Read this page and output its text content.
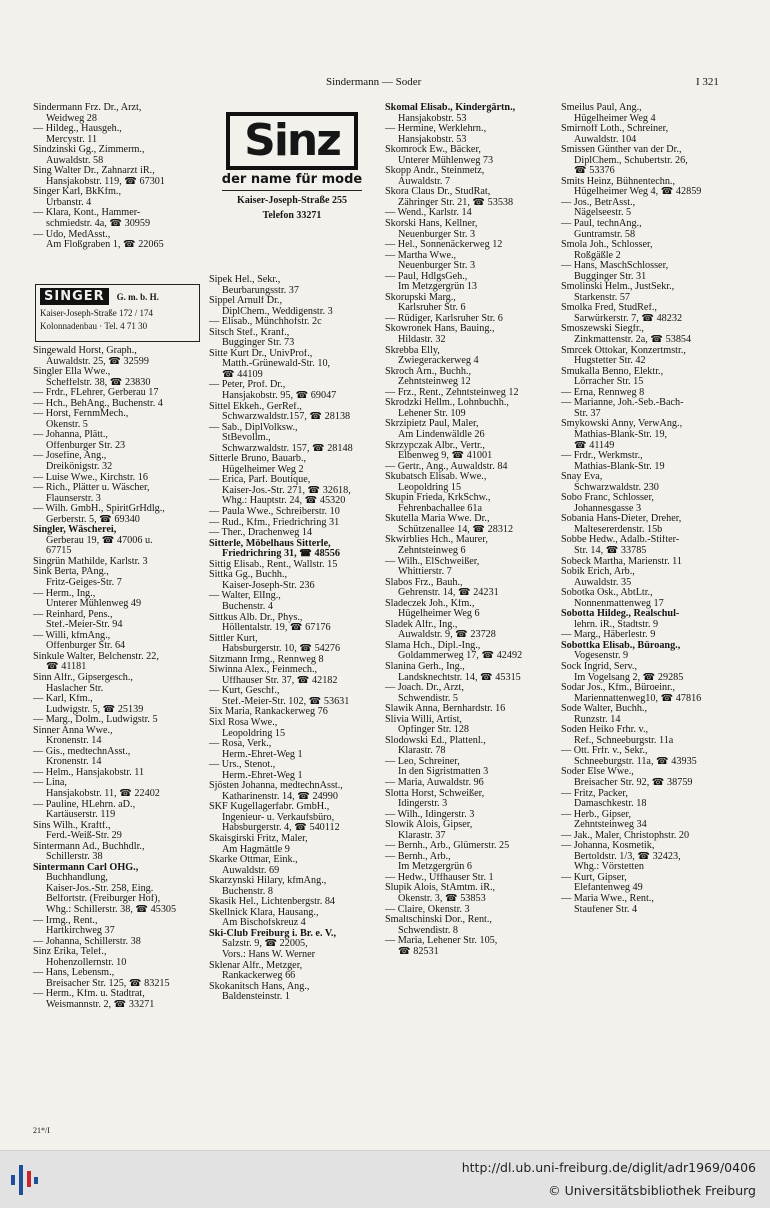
Sindermann — Soder	I 321
Sindermann Frz. Dr., Arzt,
Weidweg 28
— Hildeg., Hausgeh.,
Mercystr. 11
Sindzinski Gg., Zimmerm.,
Auwaldstr. 58
Sing Walter Dr., Zahnarzt iR.,
Hansjakobstr. 119, ☎ 67301
Singer Karl, BkKfm.,
Urbanstr. 4
— Klara, Kont., Hammer-
schmiedstr. 4a, ☎ 30959
— Udo, MedAsst.,
Am Floßgraben 1, ☎ 22065
Singewald Horst, Graph.,
Auwaldstr. 25, ☎ 32599
Singler Ella Wwe.,
Scheffelstr. 38, ☎ 23830
— Frdr., FLehrer, Gerberau 17
— Hch., BehAng., Buchenstr. 4
— Horst, FernmMech.,
Okenstr. 5
— Johanna, Plätt.,
Offenburger Str. 23
— Josefine, Ang.,
Dreikönigstr. 32
— Luise Wwe., Kirchstr. 16
— Rich., Plätter u. Wäscher,
Flaunserstr. 3
— Wilh. GmbH., SpiritGrHdlg.,
Gerberstr. 5, ☎ 69340
Singler, Wäscherei,
Gerberau 19, ☎ 47006 u.
67715
Singrün Mathilde, Karlstr. 3
Sink Berta, PAng.,
Fritz-Geiges-Str. 7
— Herm., Ing.,
Unterer Mühlenweg 49
— Reinhard, Pens.,
Stef.-Meier-Str. 94
— Willi, kfmAng.,
Offenburger Str. 64
Sinkule Walter, Belchenstr. 22,
☎ 41181
Sinn Alfr., Gipsergesch.,
Haslacher Str.
— Karl, Kfm.,
Ludwigstr. 5, ☎ 25139
— Marg., Dolm., Ludwigstr. 5
Sinner Anna Wwe.,
Kronenstr. 14
— Gis., medtechnAsst.,
Kronenstr. 14
— Helm., Hansjakobstr. 11
— Lina,
Hansjakobstr. 11, ☎ 22402
— Pauline, HLehrn. aD.,
Kartäuserstr. 119
Sins Wilh., Kraftf.,
Ferd.-Weiß-Str. 29
Sintermann Ad., Buchhdlr.,
Schillerstr. 38
Sintermann Carl OHG.,
Buchhandlung,
Kaiser-Jos.-Str. 258, Eing.
Belfortstr. (Freiburger Hof),
Whg.: Schillerstr. 38, ☎ 45305
— Irmg., Rent.,
Hartkirchweg 37
— Johanna, Schillerstr. 38
Sinz Erika, Telef.,
Hohenzollernstr. 10
— Hans, Lebensm.,
Breisacher Str. 125, ☎ 83215
— Herm., Kfm. u. Stadtrat,
Weismannstr. 2, ☎ 33271
Sipek Hel., Sekr.,
Beurbarungsstr. 37
Sippel Arnulf Dr.,
DiplChem., Weddigenstr. 3
— Elisab., Münchhofstr. 2c
Sitsch Stef., Kranf.,
Bugginger Str. 73
Sitte Kurt Dr., UnivProf.,
Matth.-Grünewald-Str. 10,
☎ 44109
— Peter, Prof. Dr.,
Hansjakobstr. 95, ☎ 69047
Sittel Ekkeh., GerRef.,
Schwarzwaldstr.157, ☎ 28138
— Sab., DiplVolksw.,
StBevollm.,
Schwarzwaldstr. 157, ☎ 28148
Sitterle Bruno, Bauarb.,
Hügelheimer Weg 2
— Erica, Parf. Boutique,
Kaiser-Jos.-Str. 271, ☎ 32618,
Whg.: Hauptstr. 24, ☎ 45320
— Paula Wwe., Schreiberstr. 10
— Rud., Kfm., Friedrichring 31
— Ther., Drachenweg 14
Sitterle, Möbelhaus Sitterle,
Friedrichring 31, ☎ 48556
Sittig Elisab., Rent., Wallstr. 15
Sittka Gg., Buchh.,
Kaiser-Joseph-Str. 236
— Walter, ElIng.,
Buchenstr. 4
Sittkus Alb. Dr., Phys.,
Höllentalstr. 19, ☎ 67176
Sittler Kurt,
Habsburgerstr. 10, ☎ 54276
Sitzmann Irmg., Rennweg 8
Siwinna Alex., Feinmech.,
Uffhauser Str. 37, ☎ 42182
— Kurt, Geschf.,
Stef.-Meier-Str. 102, ☎ 53631
Six Maria, Rankackerweg 76
Sixl Rosa Wwe.,
Leopoldring 15
— Rosa, Verk.,
Herm.-Ehret-Weg 1
— Urs., Stenot.,
Herm.-Ehret-Weg 1
Sjösten Johanna, medtechnAsst.,
Katharinenstr. 14, ☎ 24990
SKF Kugellagerfabr. GmbH.,
Ingenieur- u. Verkaufsbüro,
Habsburgerstr. 4, ☎ 540112
Skaisgirski Fritz, Maler,
Am Hagmättle 9
Skarke Ottmar, Eink.,
Auwaldstr. 69
Skarzynski Hilary, kfmAng.,
Buchenstr. 8
Skasik Hel., Lichtenbergstr. 84
Skellnick Klara, Hausang.,
Am Bischofskreuz 4
Ski-Club Freiburg i. Br. e. V.,
Salzstr. 9, ☎ 22005,
Vors.: Hans W. Werner
Sklenar Alfr., Metzger,
Rankackerweg 66
Skokanitsch Hans, Ang.,
Baldensteinstr. 1
Skomal Elisab., Kindergärtn.,
Hansjakobstr. 53
— Hermine, Werklehrn.,
Hansjakobstr. 53
Skomrock Ew., Bäcker,
Unterer Mühlenweg 73
Skopp Andr., Steinmetz,
Auwaldstr. 7
Skora Claus Dr., StudRat,
Zähringer Str. 21, ☎ 53538
— Wend., Karlstr. 14
Skorski Hans, Kellner,
Neuenburger Str. 3
— Hel., Sonnenäckerweg 12
— Martha Wwe.,
Neuenburger Str. 3
— Paul, HdlgsGeh.,
Im Metzgergrün 13
Skorupski Marg.,
Karlsruher Str. 6
— Rüdiger, Karlsruher Str. 6
Skowronek Hans, Bauing.,
Hildastr. 32
Skrebba Elly,
Zwiegerackerweg 4
Skroch Arn., Buchh.,
Zehntsteinweg 12
— Frz., Rent., Zehntsteinweg 12
Skrodzki Hellm., Lohnbuchh.,
Lehener Str. 109
Skrzipietz Paul, Maler,
Am Lindenwäldle 26
Skrzypczak Albr., Vertr.,
Elbenweg 9, ☎ 41001
— Gertr., Ang., Auwaldstr. 84
Skubatsch Elisab. Wwe.,
Leopoldring 15
Skupin Frieda, KrkSchw.,
Fehrenbachallee 61a
Skutella Maria Wwe. Dr.,
Schützenallee 14, ☎ 28312
Skwirblies Hch., Maurer,
Zehntsteinweg 6
— Wilh., ElSchweißer,
Whittierstr. 7
Slabos Frz., Bauh.,
Gehrenstr. 14, ☎ 24231
Sladeczek Joh., Kfm.,
Hügelheimer Weg 6
Sladek Alfr., Ing.,
Auwaldstr. 9, ☎ 23728
Slama Hch., Dipl.-Ing.,
Goldammerweg 17, ☎ 42492
Slanina Gerh., Ing.,
Landsknechtstr. 14, ☎ 45315
— Joach. Dr., Arzt,
Schwendistr. 5
Slawik Anna, Bernhardstr. 16
Slivia Willi, Artist,
Opfinger Str. 128
Slodowski Ed., Plattenl.,
Klarastr. 78
— Leo, Schreiner,
In den Sigristmatten 3
— Maria, Auwaldstr. 96
Slotta Horst, Schweißer,
Idingerstr. 3
— Wilh., Idingerstr. 3
Slowik Alois, Gipser,
Klarastr. 37
— Bernh., Arb., Glümerstr. 25
— Bernh., Arb.,
Im Metzgergrün 6
— Hedw., Uffhauser Str. 1
Slupik Alois, StAmtm. iR.,
Okenstr. 3, ☎ 53853
— Claire, Okenstr. 3
Smaltschinski Dor., Rent.,
Schwendistr. 8
— Maria, Lehener Str. 105,
☎ 82531
Smeilus Paul, Ang.,
Hügelheimer Weg 4
Smirnoff Loth., Schreiner,
Auwaldstr. 104
Smissen Günther van der Dr.,
DiplChem., Schubertstr. 26,
☎ 53376
Smits Heinz, Bühnentechn.,
Hügelheimer Weg 4, ☎ 42859
— Jos., BetrAsst.,
Nägelseestr. 5
— Paul, technAng.,
Guntramstr. 58
Smola Joh., Schlosser,
Roßgäßle 2
— Hans, MaschSchlosser,
Bugginger Str. 31
Smolinski Helm., JustSekr.,
Starkenstr. 57
Smolka Fred, StudRef.,
Sarwürkerstr. 7, ☎ 48232
Smoszewski Siegfr.,
Zinkmattenstr. 2a, ☎ 53854
Smrcek Ottokar, Konzertmstr.,
Hugstetter Str. 42
Smukalla Benno, Elektr.,
Lörracher Str. 15
— Erna, Rennweg 8
— Marianne, Joh.-Seb.-Bach-
Str. 37
Smykowski Anny, VerwAng.,
Mathias-Blank-Str. 19,
☎ 41149
— Frdr., Werkmstr.,
Mathias-Blank-Str. 19
Snay Eva,
Schwarzwaldstr. 230
Sobo Franc, Schlosser,
Johannesgasse 3
Sobania Hans-Dieter, Dreher,
Maltesererdenstr. 15b
Sobbe Hedw., Adalb.-Stifter-
Str. 14, ☎ 33785
Sobeck Martha, Marienstr. 11
Sobik Erich, Arb.,
Auwaldstr. 35
Sobotka Osk., AbtLtr.,
Nonnenmattenweg 17
Sobotta Hildeg., Realschul-
lehrn. iR., Stadtstr. 9
— Marg., Häberlestr. 9
Sobottka Elisab., Büroang.,
Vogesenstr. 9
Sock Ingrid, Serv.,
Im Vogelsang 2, ☎ 29285
Sodar Jos., Kfm., Büroeinr.,
Mariennattenweg10, ☎ 47816
Sode Walter, Buchh.,
Runzstr. 14
Soden Heiko Frhr. v.,
Ref., Schneeburgstr. 11a
— Ott. Frfr. v., Sekr.,
Schneeburgstr. 11a, ☎ 43935
Soder Else Wwe.,
Breisacher Str. 92, ☎ 38759
— Fritz, Packer,
Damaschkestr. 18
— Herb., Gipser,
Zehntsteinweg 34
— Jak., Maler, Christophstr. 20
— Johanna, Kosmetik,
Bertoldstr. 1/3, ☎ 32423,
Whg.: Vörstetten
— Kurt, Gipser,
Elefantenweg 49
— Maria Wwe., Rent.,
Staufener Str. 4
Sinz
der name für mode
Kaiser-Joseph-Straße 255
Telefon 33271
SINGER	G. m. b. H.
Kaiser-Joseph-Straße 172 / 174
Kolonnadenbau · Tel. 4 71 30
21*/I
http://dl.ub.uni-freiburg.de/diglit/adr1969/0406
© Universitätsbibliothek Freiburg
